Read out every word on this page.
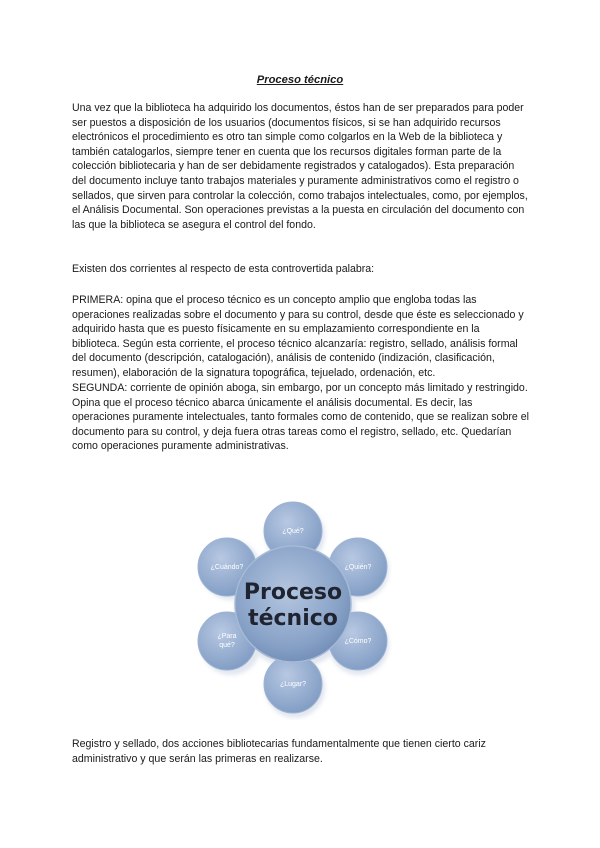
Proceso técnico

Una vez que la biblioteca ha adquirido los documentos, éstos han de ser preparados para poder ser puestos a disposición de los usuarios (documentos físicos, si se han adquirido recursos electrónicos el procedimiento es otro tan simple como colgarlos en la Web de la biblioteca y también catalogarlos, siempre tener en cuenta que los recursos digitales forman parte de la colección bibliotecaria y han de ser debidamente registrados y catalogados). Esta preparación del documento incluye tanto trabajos materiales y puramente administrativos como el registro o sellados, que sirven para controlar la colección, como trabajos intelectuales, como, por ejemplos, el Análisis Documental. Son operaciones previstas a la puesta en circulación del documento con las que la biblioteca se asegura el control del fondo.

Existen dos corrientes al respecto de esta controvertida palabra:

PRIMERA: opina que el proceso técnico es un concepto amplio que engloba todas las operaciones realizadas sobre el documento y para su control, desde que éste es seleccionado y adquirido hasta que es puesto físicamente en su emplazamiento correspondiente en la biblioteca. Según esta corriente, el proceso técnico alcanzaría: registro, sellado, análisis formal del documento (descripción, catalogación), análisis de contenido (indización, clasificación, resumen), elaboración de la signatura topográfica, tejuelado, ordenación, etc.

SEGUNDA: corriente de opinión aboga, sin embargo, por un concepto más limitado y restringido. Opina que el proceso técnico abarca únicamente el análisis documental. Es decir, las operaciones puramente intelectuales, tanto formales como de contenido, que se realizan sobre el documento para su control, y deja fuera otras tareas como el registro, sellado, etc. Quedarían como operaciones puramente administrativas.

¿Qué?
¿Quién?
¿Cómo?
¿Lugar?
¿Para
qué?
¿Cuándo?
Proceso
técnico

Registro y sellado, dos acciones bibliotecarias fundamentalmente que tienen cierto cariz administrativo y que serán las primeras en realizarse.
